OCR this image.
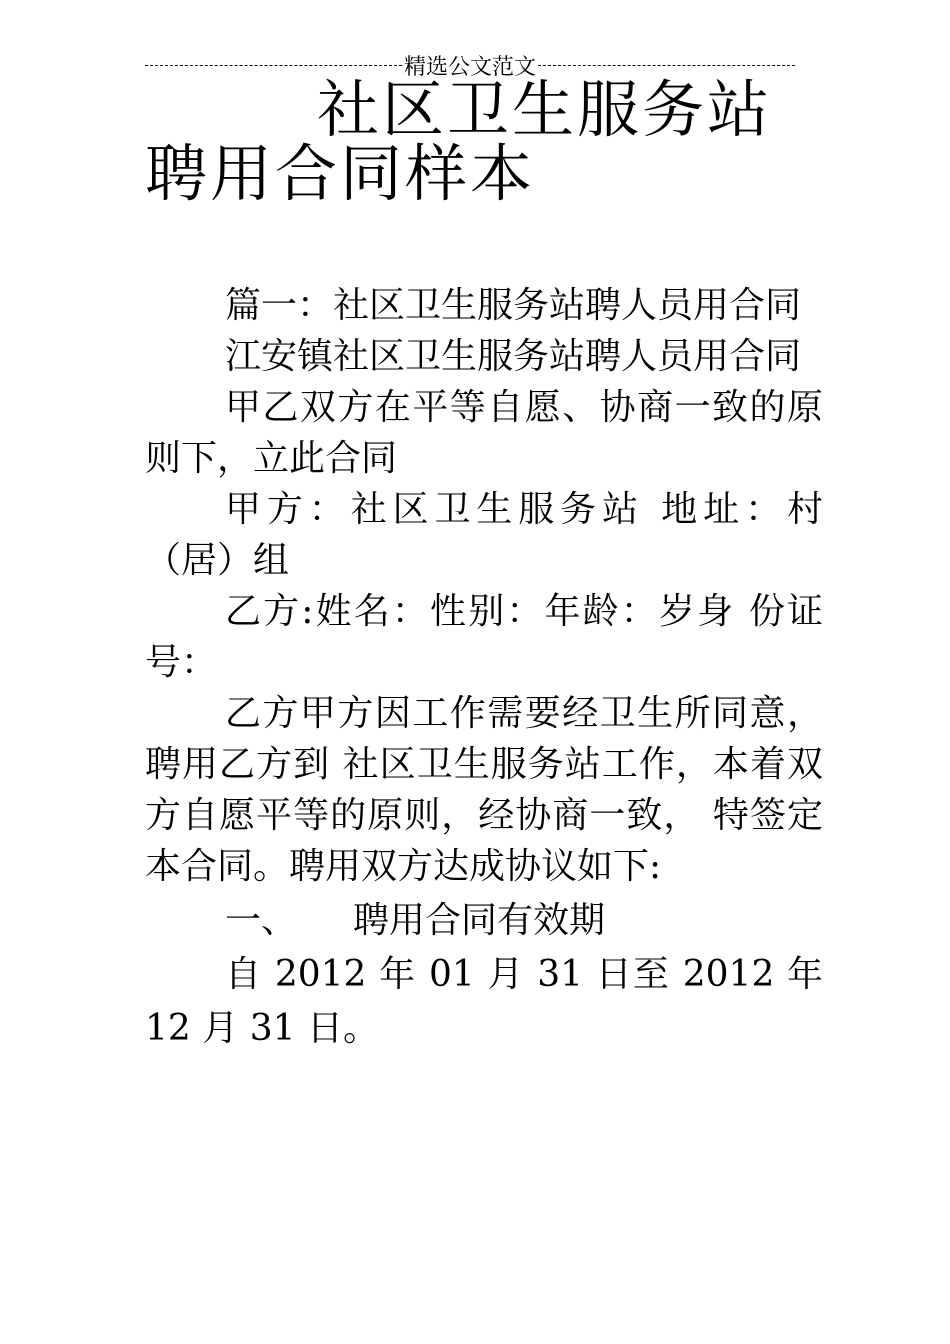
精选公文范文
社区卫生服务站聘用合同样本

篇一：社区卫生服务站聘人员用合同

江安镇社区卫生服务站聘人员用合同

甲乙双方在平等自愿、协商一致的原则下，立此合同

甲方：社区卫生服务站 地址：村（居）组

乙方:姓名：性别：年龄：岁身 份证号：

乙方甲方因工作需要经卫生所同意，聘用乙方到 社区卫生服务站工作，本着双方自愿平等的原则，经协商一致， 特签定本合同。聘用双方达成协议如下:

一、 聘用合同有效期

自 2012 年 01 月 31 日至 2012 年 12 月 31 日。
